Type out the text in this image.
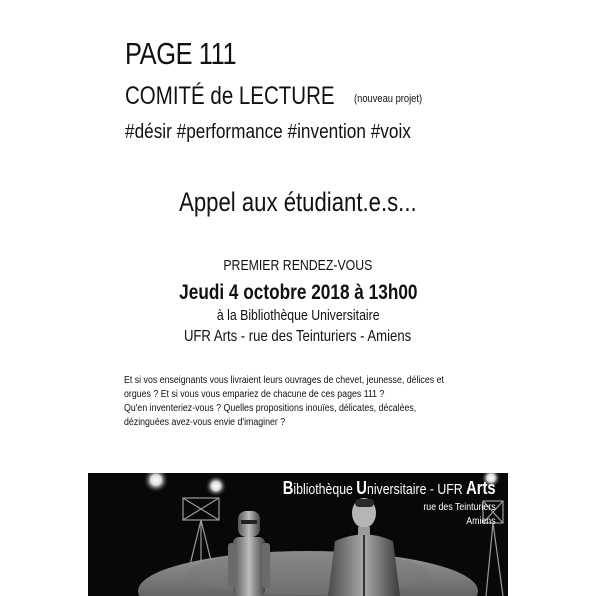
PAGE 111
COMITÉ de LECTURE (nouveau projet)
#désir #performance #invention #voix
Appel aux étudiant.e.s...
PREMIER RENDEZ-VOUS
Jeudi 4 octobre 2018 à 13h00
à la Bibliothèque Universitaire
UFR Arts - rue des Teinturiers - Amiens
Et si vos enseignants vous livraient leurs ouvrages de chevet, jeunesse, délices et
orgues ? Et si vous vous empariez de chacune de ces pages 111 ?
Qu'en inventeriez-vous ? Quelles propositions inouïes, délicates, décalées,
dézinguées avez-vous envie d'imaginer ?
Bibliothèque Universitaire - UFR Arts
rue des Teinturiers
Amiens
